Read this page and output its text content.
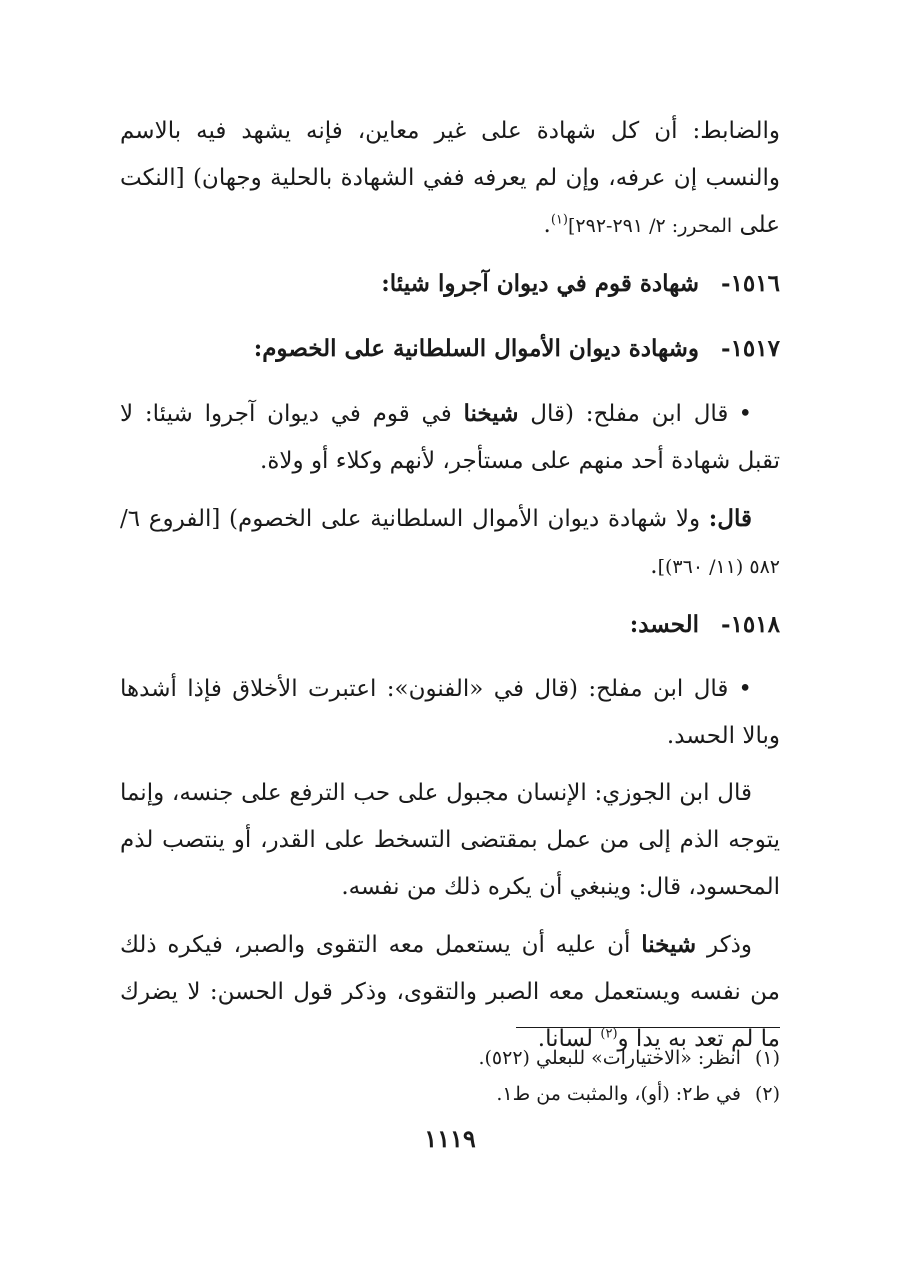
والضابط: أن كل شهادة على غير معاين، فإنه يشهد فيه بالاسم والنسب إن عرفه، وإن لم يعرفه ففي الشهادة بالحلية وجهان) [النكت على المحرر: ٢/ ٢٩١-٢٩٢]$^{(١)}$.

١٥١٦-شهادة قوم في ديوان آجروا شيئا:

١٥١٧-وشهادة ديوان الأموال السلطانية على الخصوم:

•قال ابن مفلح: (قال شيخنا في قوم في ديوان آجروا شيئا: لا تقبل شهادة أحد منهم على مستأجر، لأنهم وكلاء أو ولاة.

قال: ولا شهادة ديوان الأموال السلطانية على الخصوم) [الفروع ٦/ ٥٨٢ (١١/ ٣٦٠)].

١٥١٨-الحسد:

•قال ابن مفلح: (قال في «الفنون»: اعتبرت الأخلاق فإذا أشدها وبالا الحسد.

قال ابن الجوزي: الإنسان مجبول على حب الترفع على جنسه، وإنما يتوجه الذم إلى من عمل بمقتضى التسخط على القدر، أو ينتصب لذم المحسود، قال: وينبغي أن يكره ذلك من نفسه.

وذكر شيخنا أن عليه أن يستعمل معه التقوى والصبر، فيكره ذلك من نفسه ويستعمل معه الصبر والتقوى، وذكر قول الحسن: لا يضرك ما لم تعد به يدا و$^{(٢)}$ لسانا.

(١)انظر: «الاختيارات» للبعلي (٥٢٢).

(٢)في ط٢: (أو)، والمثبت من ط١.

١١١٩
